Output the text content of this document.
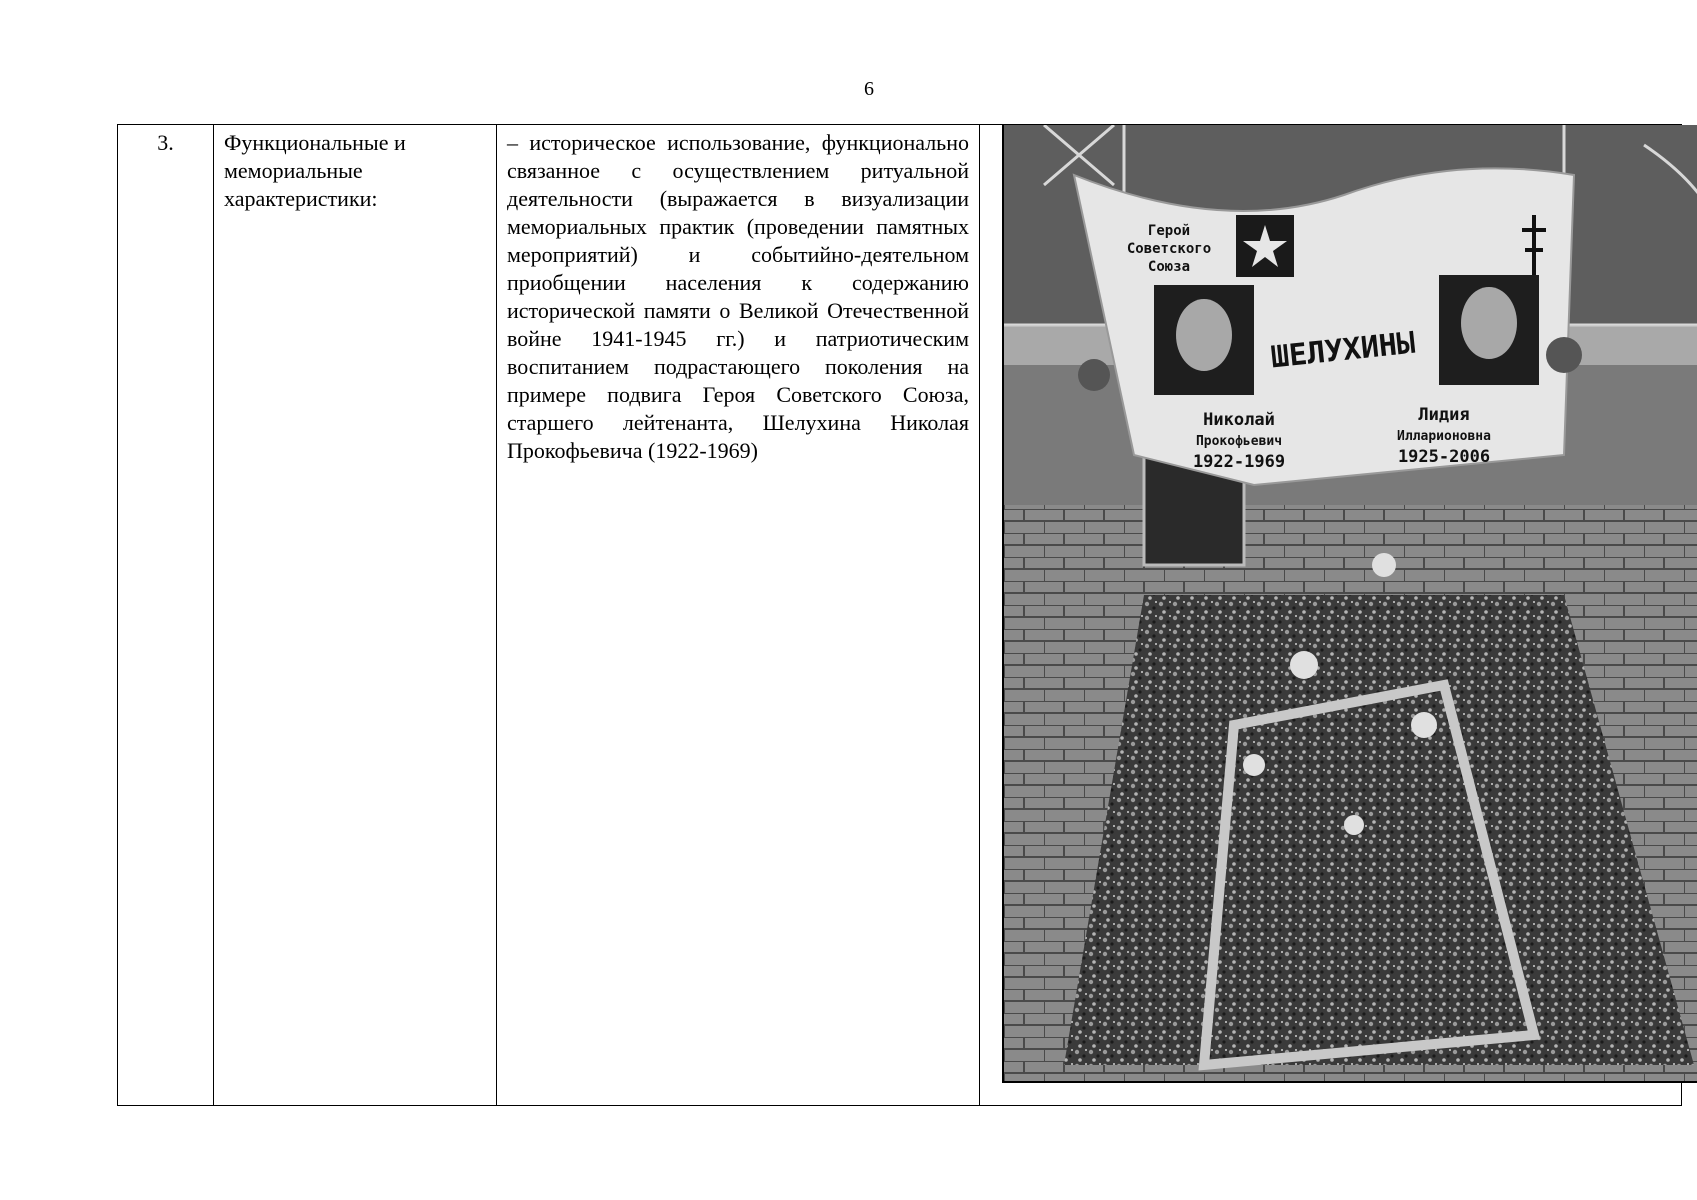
6
3.	Функциональные и мемориальные характеристики:	– историческое использование, функционально связанное с осуществлением ритуальной деятельности (выражается в визуализации мемориальных практик (проведении памятных мероприятий) и событийно-деятельном приобщении населения к содержанию исторической памяти о Великой Отечественной войне 1941-1945 гг.) и патриотическим воспитанием подрастающего поколения на примере подвига Героя Советского Союза, старшего лейтенанта, Шелухина Николая Прокофьевича (1922-1969)	
Герой
Советского
Союза
ШЕЛУХИНЫ
Николай
Прокофьевич
1922-1969
Лидия
Илларионовна
1925-2006
